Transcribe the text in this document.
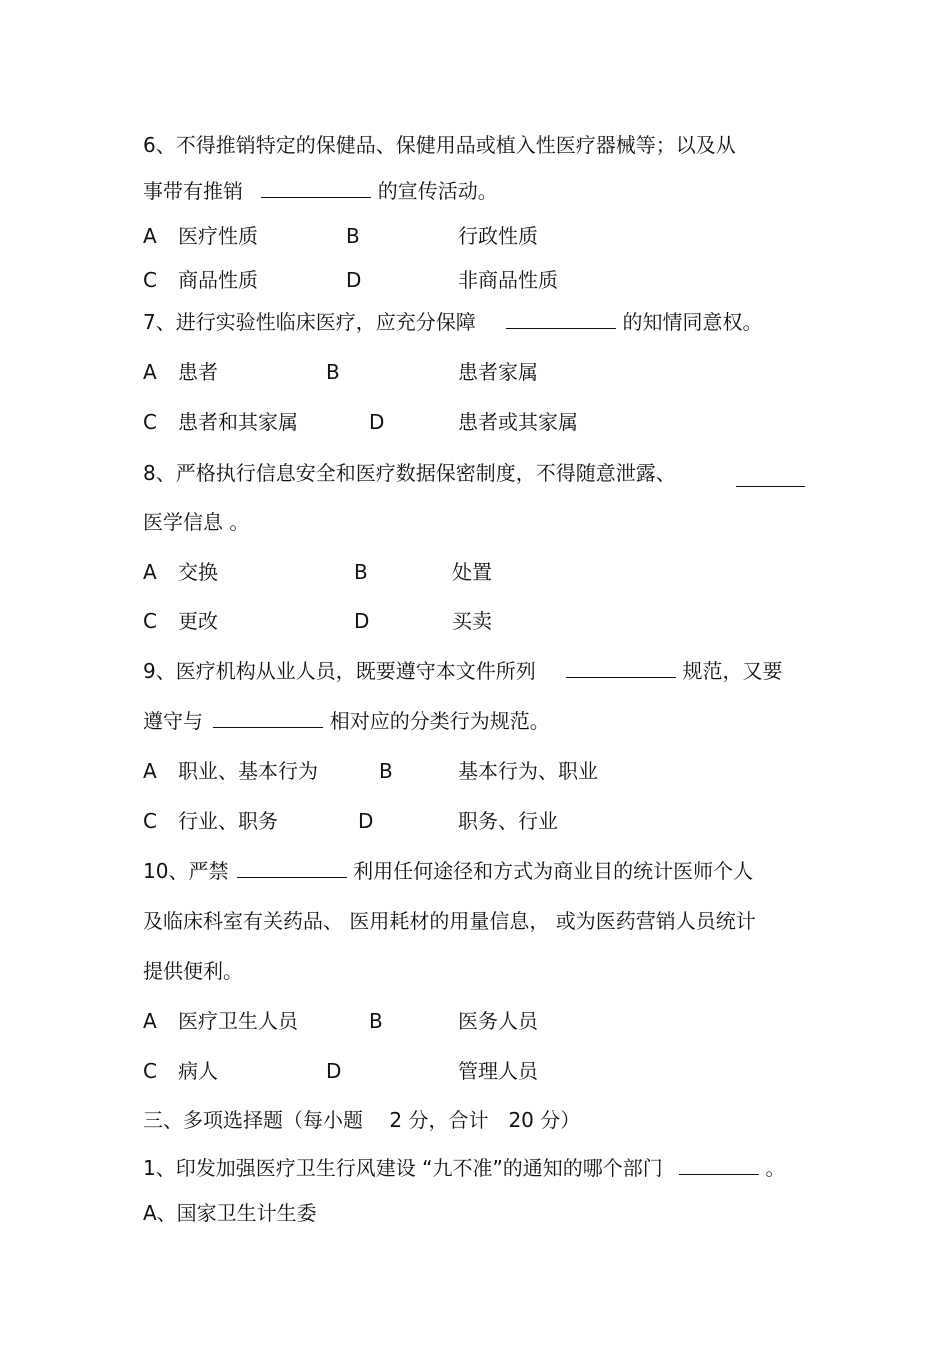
6、不得推销特定的保健品、保健用品或植入性医疗器械等；以及从
事带有推销	的宣传活动。
A 医疗性质	B	行政性质
C 商品性质	D	非商品性质
7、进行实验性临床医疗，应充分保障	的知情同意权。
A 患者	B	患者家属
C 患者和其家属	D	患者或其家属
8、严格执行信息安全和医疗数据保密制度，不得随意泄露、
医学信息 。
A 交换	B	处置
C 更改	D	买卖
9、医疗机构从业人员，既要遵守本文件所列	规范，又要
遵守与	相对应的分类行为规范。
A 职业、基本行为	B	基本行为、职业
C 行业、职务	D	职务、行业
10、严禁	利用任何途径和方式为商业目的统计医师个人
及临床科室有关药品、 医用耗材的用量信息， 或为医药营销人员统计
提供便利。
A 医疗卫生人员	B	医务人员
C 病人	D	管理人员
三、多项选择题（每小题　 2 分，合计　20 分）
1、印发加强医疗卫生行风建设 “九不准”的通知的哪个部门	。
A、国家卫生计生委
